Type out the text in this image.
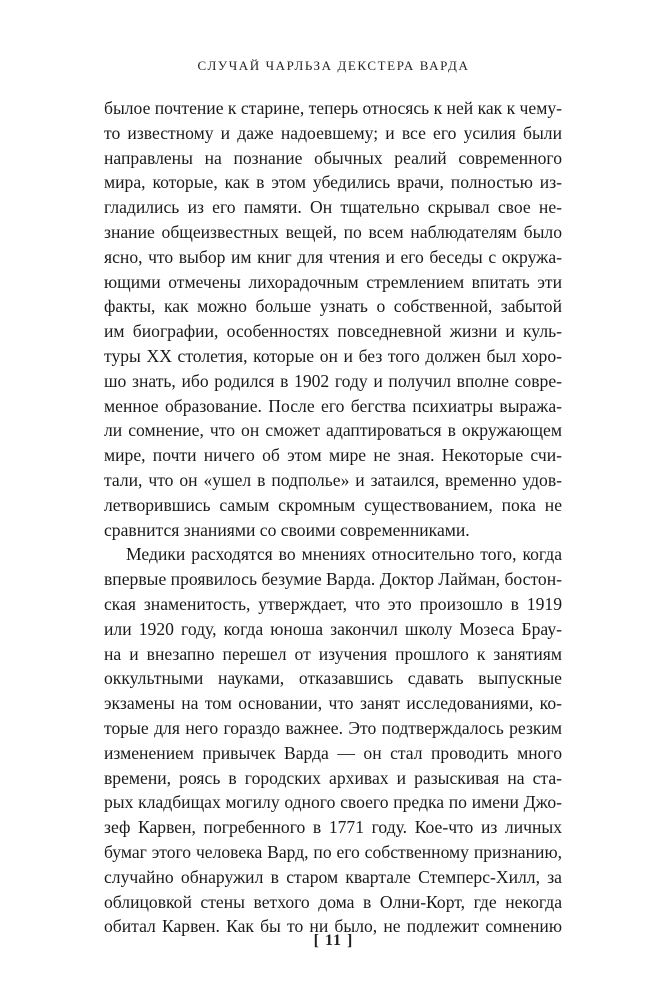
СЛУЧАЙ ЧАРЛЬЗА ДЕКСТЕРА ВАРДА

былое почтение к старине, теперь относясь к ней как к чему-
то известному и даже надоевшему; и все его усилия были
направлены на познание обычных реалий современного
мира, которые, как в этом убедились врачи, полностью из-
гладились из его памяти. Он тщательно скрывал свое не-
знание общеизвестных вещей, по всем наблюдателям было
ясно, что выбор им книг для чтения и его беседы с окружа-
ющими отмечены лихорадочным стремлением впитать эти
факты, как можно больше узнать о собственной, забытой
им биографии, особенностях повседневной жизни и куль-
туры XX столетия, которые он и без того должен был хоро-
шо знать, ибо родился в 1902 году и получил вполне совре-
менное образование. После его бегства психиатры выража-
ли сомнение, что он сможет адаптироваться в окружающем
мире, почти ничего об этом мире не зная. Некоторые счи-
тали, что он «ушел в подполье» и затаился, временно удов-
летворившись самым скромным существованием, пока не
сравнится знаниями со своими современниками.

Медики расходятся во мнениях относительно того, когда
впервые проявилось безумие Варда. Доктор Лайман, бостон-
ская знаменитость, утверждает, что это произошло в 1919
или 1920 году, когда юноша закончил школу Мозеса Брау-
на и внезапно перешел от изучения прошлого к занятиям
оккультными науками, отказавшись сдавать выпускные
экзамены на том основании, что занят исследованиями, ко-
торые для него гораздо важнее. Это подтверждалось резким
изменением привычек Варда — он стал проводить много
времени, роясь в городских архивах и разыскивая на ста-
рых кладбищах могилу одного своего предка по имени Джо-
зеф Карвен, погребенного в 1771 году. Кое-что из личных
бумаг этого человека Вард, по его собственному признанию,
случайно обнаружил в старом квартале Стемперс-Хилл, за
облицовкой стены ветхого дома в Олни-Корт, где некогда
обитал Карвен. Как бы то ни было, не подлежит сомнению

[ 11 ]
